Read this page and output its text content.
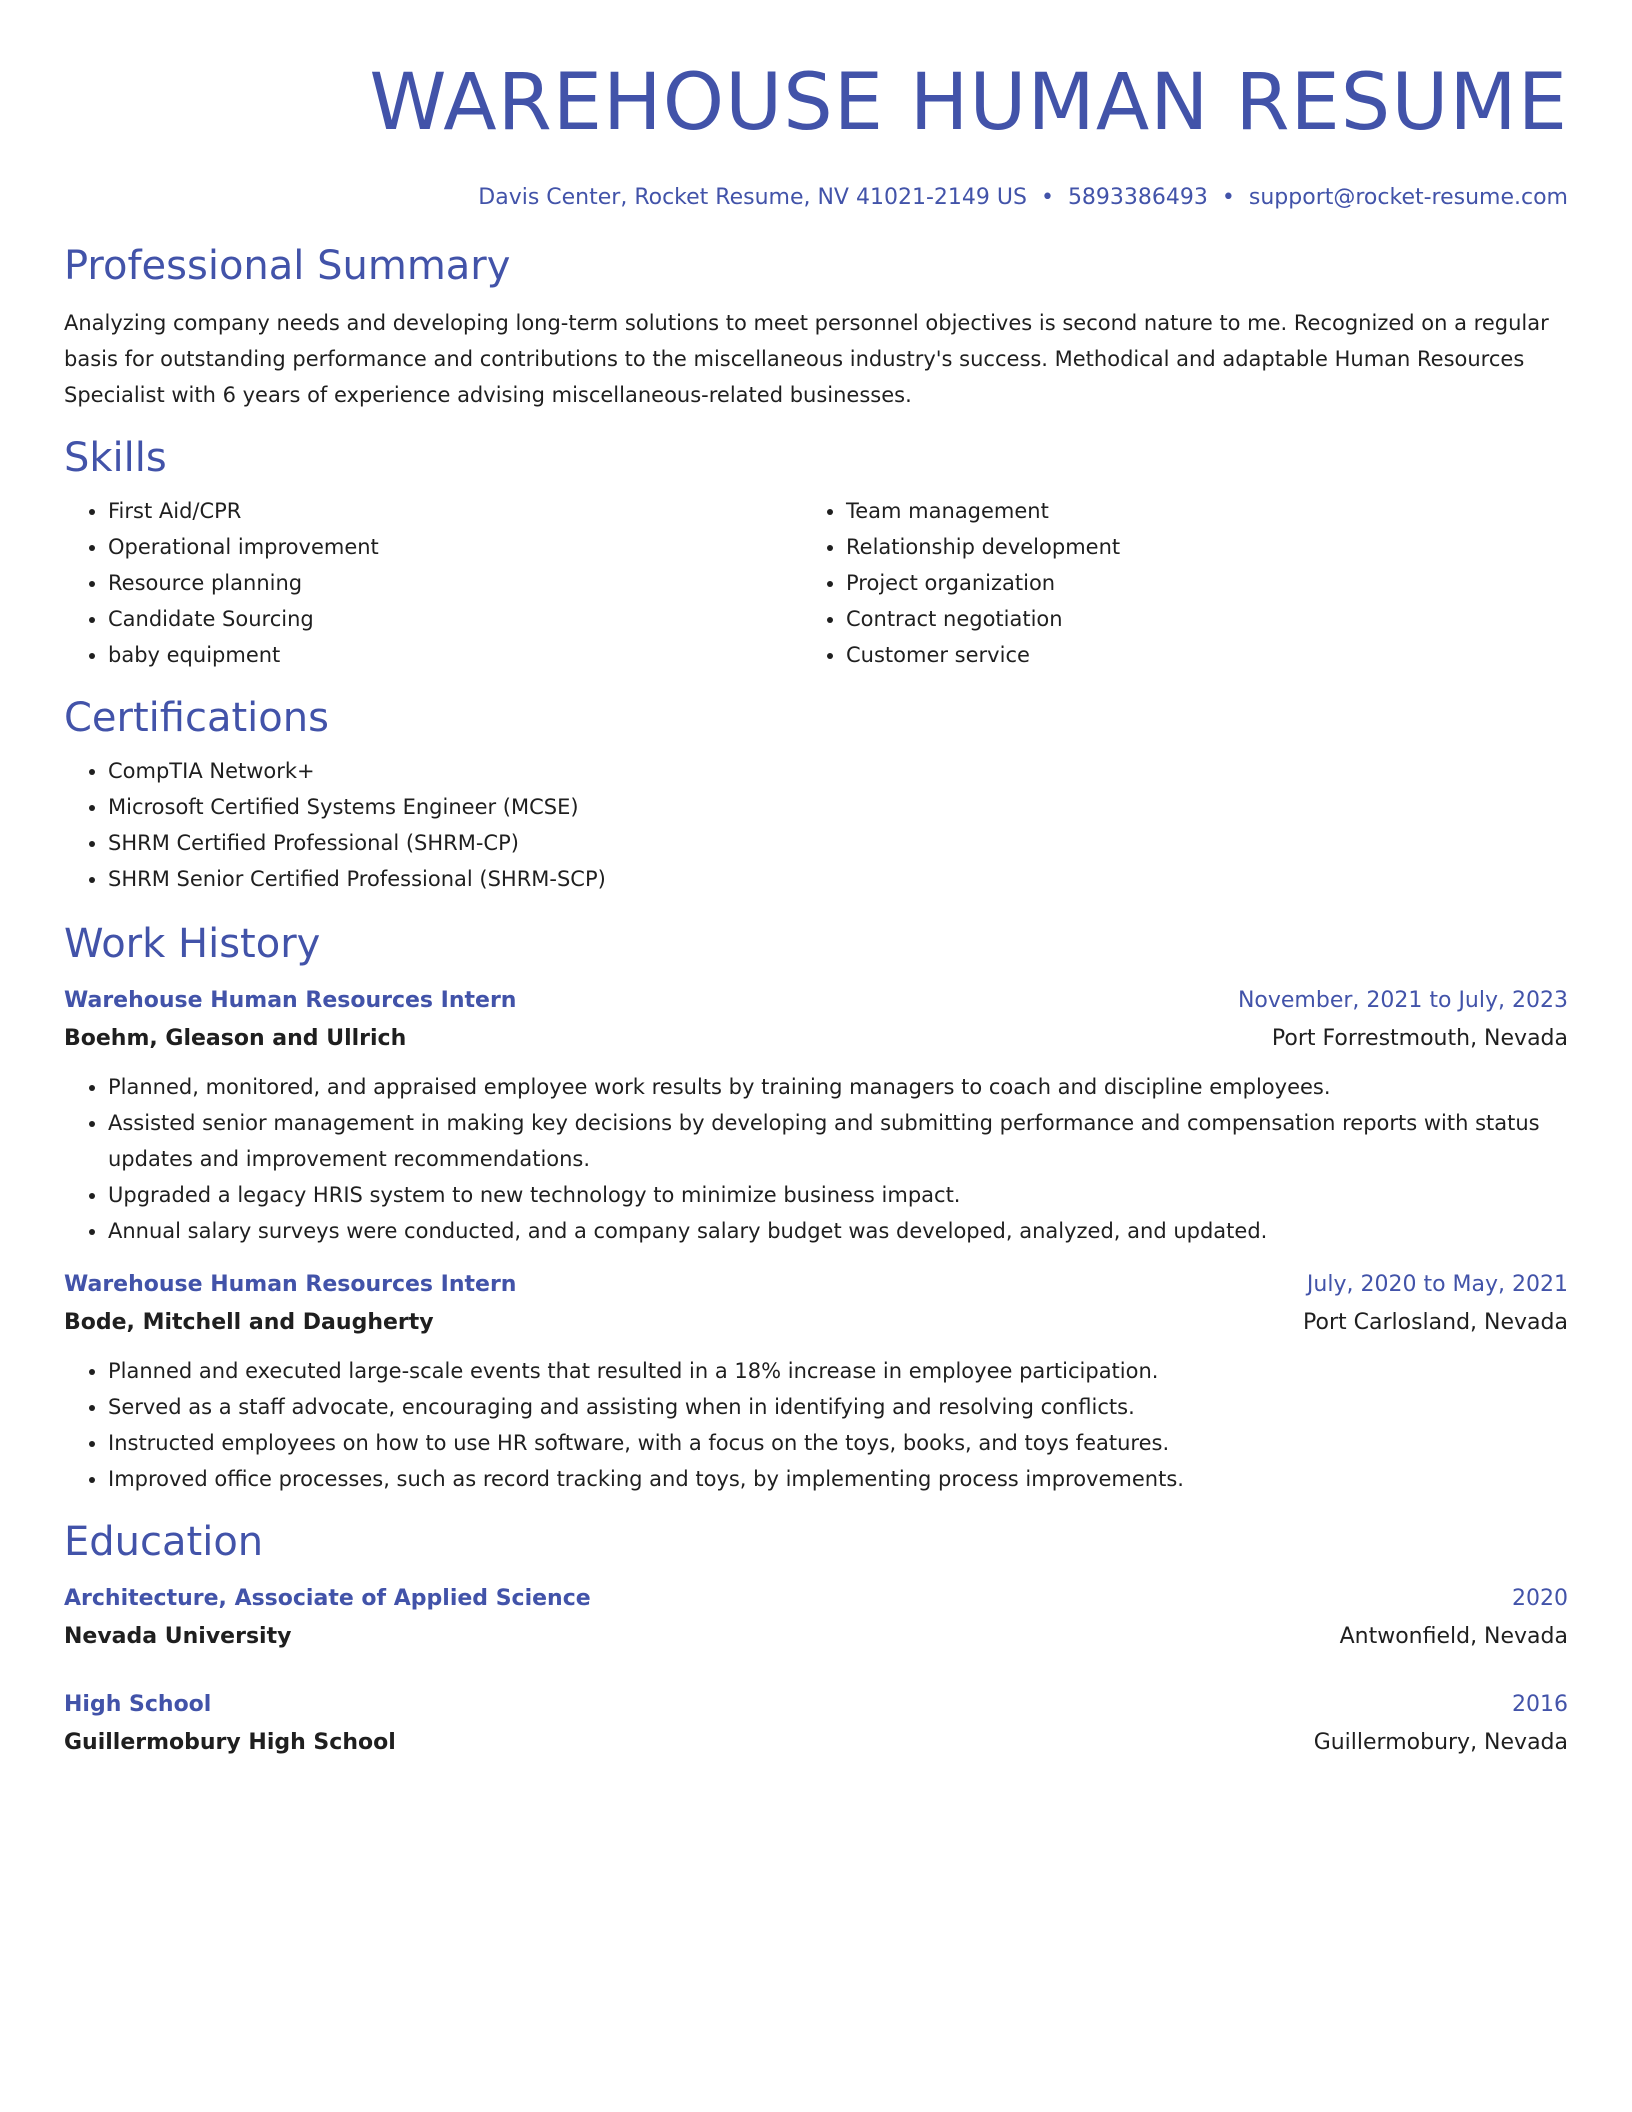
WAREHOUSE HUMAN RESUME
Davis Center, Rocket Resume, NV 41021-2149 US • 5893386493 • support@rocket-resume.com
Professional Summary

Analyzing company needs and developing long-term solutions to meet personnel objectives is second nature to me. Recognized on a regular basis for outstanding performance and contributions to the miscellaneous industry's success. Methodical and adaptable Human Resources Specialist with 6 years of experience advising miscellaneous-related businesses.

Skills
• First Aid/CPR
• Operational improvement
• Resource planning
• Candidate Sourcing
• baby equipment
• Team management
• Relationship development
• Project organization
• Contract negotiation
• Customer service
Certifications
• CompTIA Network+
• Microsoft Certified Systems Engineer (MCSE)
• SHRM Certified Professional (SHRM-CP)
• SHRM Senior Certified Professional (SHRM-SCP)
Work History
Warehouse Human Resources Intern	November, 2021 to July, 2023
Boehm, Gleason and Ullrich	Port Forrestmouth, Nevada
• Planned, monitored, and appraised employee work results by training managers to coach and discipline employees.
• Assisted senior management in making key decisions by developing and submitting performance and compensation reports with status updates and improvement recommendations.
• Upgraded a legacy HRIS system to new technology to minimize business impact.
• Annual salary surveys were conducted, and a company salary budget was developed, analyzed, and updated.
Warehouse Human Resources Intern	July, 2020 to May, 2021
Bode, Mitchell and Daugherty	Port Carlosland, Nevada
• Planned and executed large-scale events that resulted in a 18% increase in employee participation.
• Served as a staff advocate, encouraging and assisting when in identifying and resolving conflicts.
• Instructed employees on how to use HR software, with a focus on the toys, books, and toys features.
• Improved office processes, such as record tracking and toys, by implementing process improvements.
Education
Architecture, Associate of Applied Science	2020
Nevada University	Antwonfield, Nevada
High School	2016
Guillermobury High School	Guillermobury, Nevada
